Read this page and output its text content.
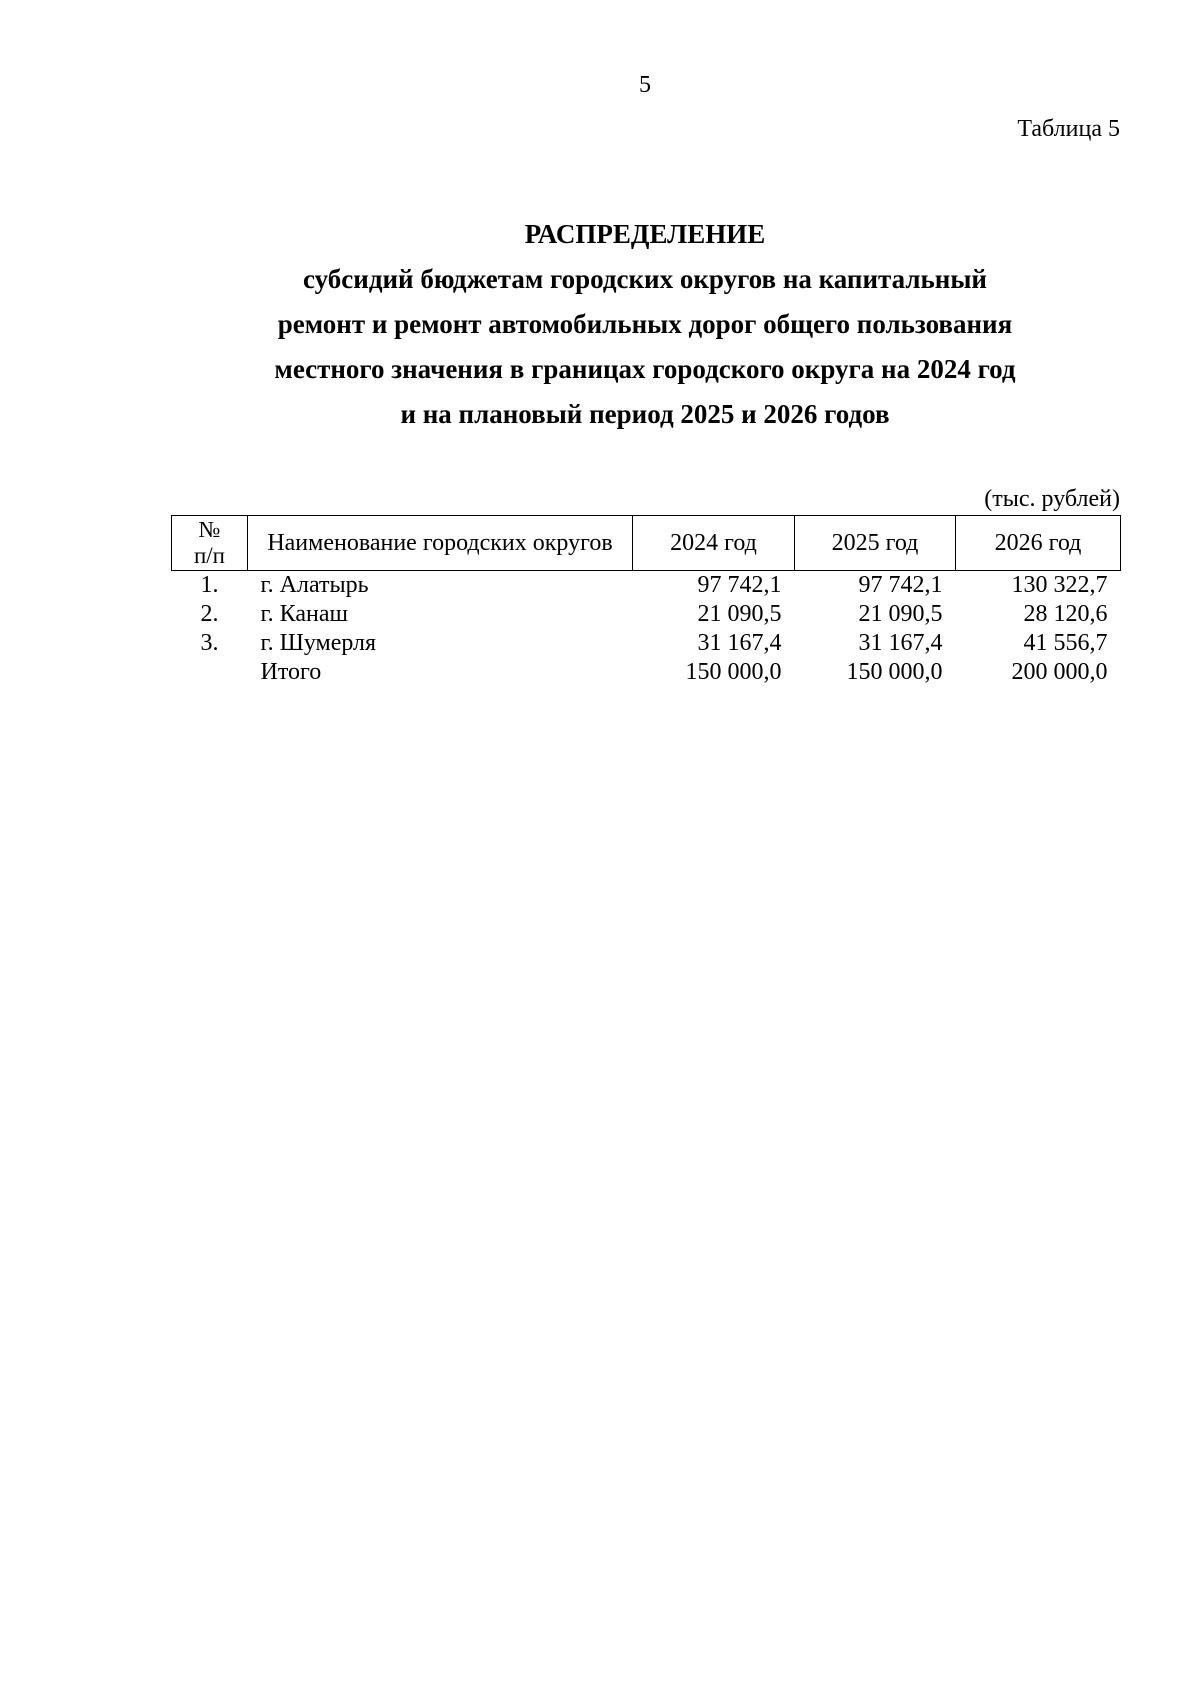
5
Таблица 5
РАСПРЕДЕЛЕНИЕ
субсидий бюджетам городских округов на капитальный
ремонт и ремонт автомобильных дорог общего пользования
местного значения в границах городского округа на 2024 год
и на плановый период 2025 и 2026 годов
(тыс. рублей)
№
п/п	Наименование городских округов	2024 год	2025 год	2026 год
1.	г. Алатырь	97 742,1	97 742,1	130 322,7
2.	г. Канаш	21 090,5	21 090,5	28 120,6
3.	г. Шумерля	31 167,4	31 167,4	41 556,7
	Итого	150 000,0	150 000,0	200 000,0
